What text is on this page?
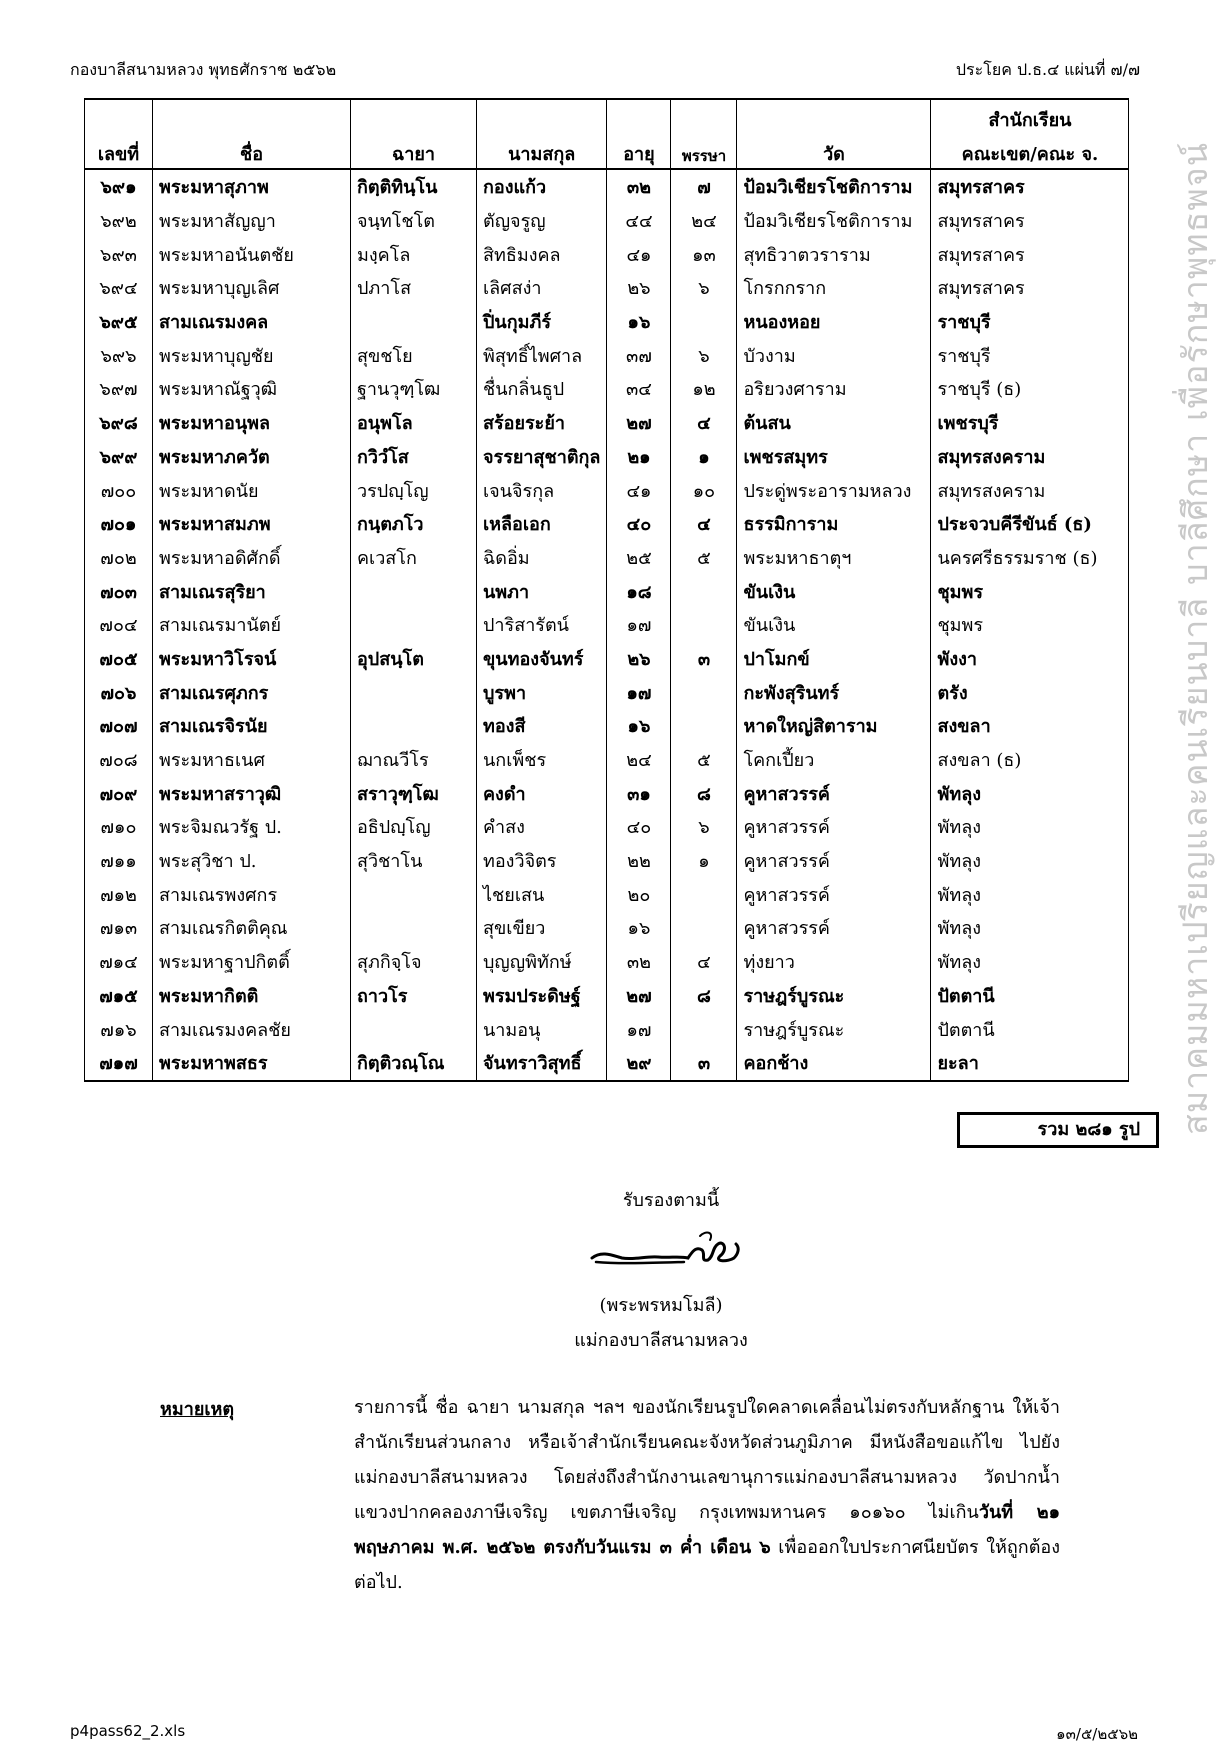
กองบาลีสนามหลวง พุทธศักราช ๒๕๖๒	ประโยค ป.ธ.๔ แผ่นที่ ๗/๗
							สำนักเรียน
เลขที่	ชื่อ	ฉายา	นามสกุล	อายุ	พรรษา	วัด	คณะเขต/คณะ จ.
๖๙๑	พระมหาสุภาพ	กิตฺติทินฺโน	กองแก้ว	๓๒	๗	ป้อมวิเชียรโชติการาม	สมุทรสาคร
๖๙๒	พระมหาสัญญา	จนฺทโชโต	ตัญจรูญ	๔๔	๒๔	ป้อมวิเชียรโชติการาม	สมุทรสาคร
๖๙๓	พระมหาอนันตชัย	มงฺคโล	สิทธิมงคล	๔๑	๑๓	สุทธิวาตวราราม	สมุทรสาคร
๖๙๔	พระมหาบุญเลิศ	ปภาโส	เลิศสง่า	๒๖	๖	โกรกกราก	สมุทรสาคร
๖๙๕	สามเณรมงคล		ปิ่นกุมภีร์	๑๖		หนองหอย	ราชบุรี
๖๙๖	พระมหาบุญชัย	สุขชโย	พิสุทธิ์ไพศาล	๓๗	๖	บัวงาม	ราชบุรี
๖๙๗	พระมหาณัฐวุฒิ	ฐานวุฑฺโฒ	ชื่นกลิ่นธูป	๓๔	๑๒	อริยวงศาราม	ราชบุรี (ธ)
๖๙๘	พระมหาอนุพล	อนุพโล	สร้อยระย้า	๒๗	๔	ต้นสน	เพชรบุรี
๖๙๙	พระมหาภควัต	กวิวํโส	จรรยาสุชาติกุล	๒๑	๑	เพชรสมุทร	สมุทรสงคราม
๗๐๐	พระมหาดนัย	วรปญฺโญ	เจนจิรกุล	๔๑	๑๐	ประดู่พระอารามหลวง	สมุทรสงคราม
๗๐๑	พระมหาสมภพ	กนฺตภโว	เหลือเอก	๔๐	๔	ธรรมิการาม	ประจวบคีรีขันธ์ (ธ)
๗๐๒	พระมหาอดิศักดิ์	คเวสโก	ฉิดอิ่ม	๒๕	๕	พระมหาธาตุฯ	นครศรีธรรมราช (ธ)
๗๐๓	สามเณรสุริยา		นพภา	๑๘		ขันเงิน	ชุมพร
๗๐๔	สามเณรมานัตย์		ปาริสารัตน์	๑๗		ขันเงิน	ชุมพร
๗๐๕	พระมหาวิโรจน์	อุปสนฺโต	ขุนทองจันทร์	๒๖	๓	ปาโมกข์	พังงา
๗๐๖	สามเณรศุภกร		บูรพา	๑๗		กะพังสุรินทร์	ตรัง
๗๐๗	สามเณรจิรนัย		ทองสี	๑๖		หาดใหญ่สิตาราม	สงขลา
๗๐๘	พระมหาธเนศ	ฌาณวีโร	นกเพ็ชร	๒๔	๕	โคกเปี้ยว	สงขลา (ธ)
๗๐๙	พระมหาสราวุฒิ	สราวุฑฺโฒ	คงดำ	๓๑	๘	คูหาสวรรค์	พัทลุง
๗๑๐	พระจิมณวรัฐ ป.	อธิปญฺโญ	คำสง	๔๐	๖	คูหาสวรรค์	พัทลุง
๗๑๑	พระสุวิชา ป.	สุวิชาโน	ทองวิจิตร	๒๒	๑	คูหาสวรรค์	พัทลุง
๗๑๒	สามเณรพงศกร		ไชยเสน	๒๐		คูหาสวรรค์	พัทลุง
๗๑๓	สามเณรกิตติคุณ		สุขเขียว	๑๖		คูหาสวรรค์	พัทลุง
๗๑๔	พระมหาฐาปกิตติ์	สุภกิจฺโจ	บุญญพิทักษ์	๓๒	๔	ทุ่งยาว	พัทลุง
๗๑๕	พระมหากิตติ	ถาวโร	พรมประดิษฐ์	๒๗	๘	ราษฎร์บูรณะ	ปัตตานี
๗๑๖	สามเณรมงคลชัย		นามอนุ	๑๗		ราษฎร์บูรณะ	ปัตตานี
๗๑๗	พระมหาพสธร	กิตฺติวณฺโณ	จันทราวิสุทธิ์	๒๙	๓	คอกช้าง	ยะลา
รวม ๒๘๑ รูป
รับรองตามนี้
(พระพรหมโมลี)
แม่กองบาลีสนามหลวง
หมายเหตุ	รายการนี้ ชื่อ ฉายา นามสกุล ฯลฯ ของนักเรียนรูปใดคลาดเคลื่อนไม่ตรงกับหลักฐาน ให้เจ้าสำนักเรียนส่วนกลาง หรือเจ้าสำนักเรียนคณะจังหวัดส่วนภูมิภาค มีหนังสือขอแก้ไข ไปยังแม่กองบาลีสนามหลวง โดยส่งถึงสำนักงานเลขานุการแม่กองบาลีสนามหลวง วัดปากน้ำ แขวงปากคลองภาษีเจริญ เขตภาษีเจริญ กรุงเทพมหานคร ๑๐๑๖๐ ไม่เกินวันที่ ๒๑ พฤษภาคม พ.ศ. ๒๕๖๒ ตรงกับวันแรม ๓ ค่ำ เดือน ๖ เพื่อออกใบประกาศนียบัตร ให้ถูกต้องต่อไป.
สมาคมมหาเปรียญและคนเรียนบาลี บาลีศึกษา เพื่อรักษาพุทธพจน์
p4pass62_2.xls	๑๓/๕/๒๕๖๒
